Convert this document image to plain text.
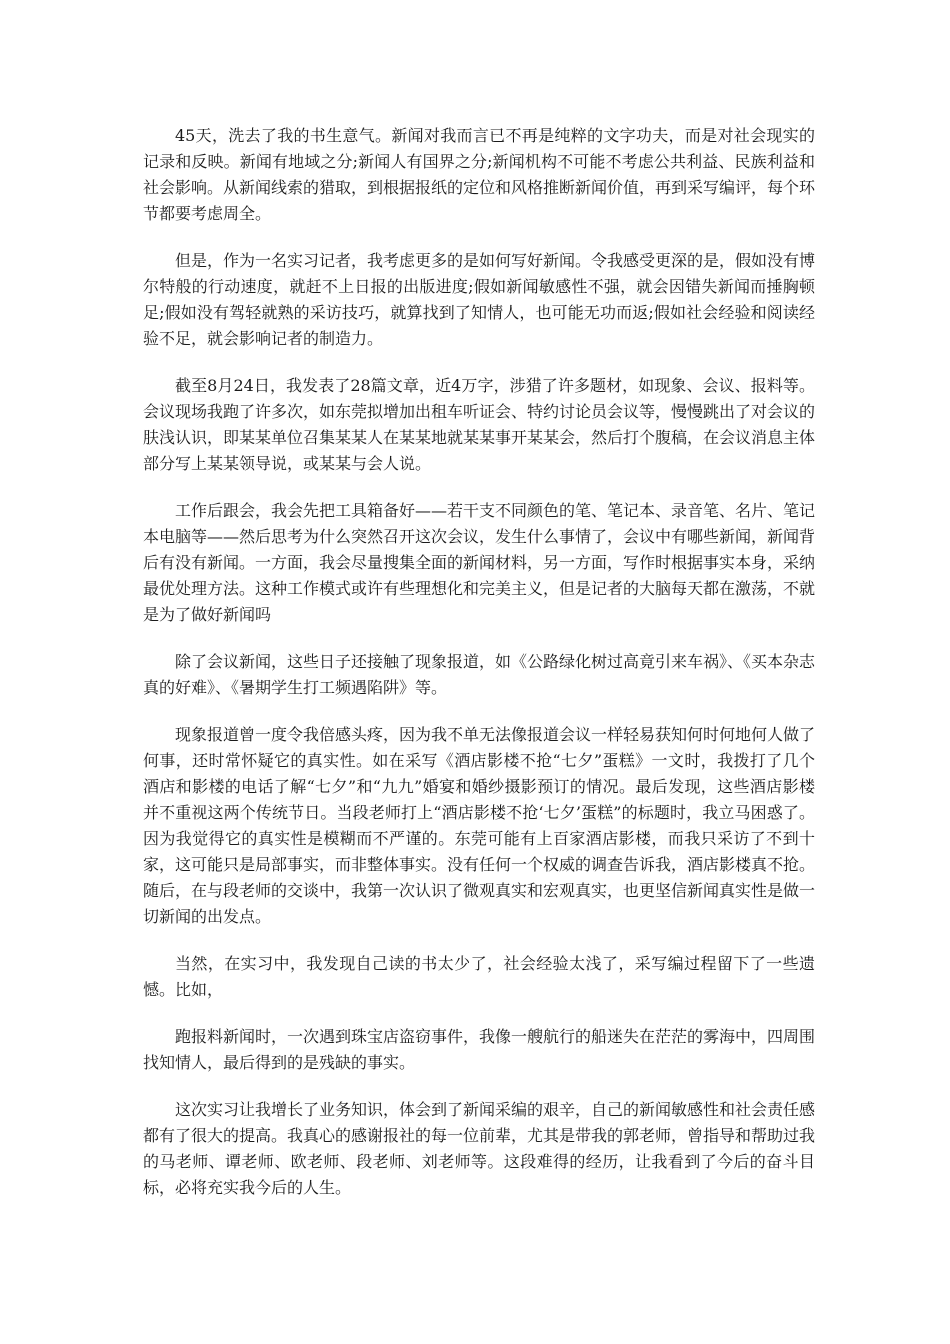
45天，洗去了我的书生意气。新闻对我而言已不再是纯粹的文字功夫，而是对社会现实的记录和反映。新闻有地域之分;新闻人有国界之分;新闻机构不可能不考虑公共利益、民族利益和社会影响。从新闻线索的猎取，到根据报纸的定位和风格推断新闻价值，再到采写编评，每个环节都要考虑周全。

但是，作为一名实习记者，我考虑更多的是如何写好新闻。令我感受更深的是，假如没有博尔特般的行动速度，就赶不上日报的出版进度;假如新闻敏感性不强，就会因错失新闻而捶胸顿足;假如没有驾轻就熟的采访技巧，就算找到了知情人，也可能无功而返;假如社会经验和阅读经验不足，就会影响记者的制造力。

截至8月24日，我发表了28篇文章，近4万字，涉猎了许多题材，如现象、会议、报料等。会议现场我跑了许多次，如东莞拟增加出租车听证会、特约讨论员会议等，慢慢跳出了对会议的肤浅认识，即某某单位召集某某人在某某地就某某事开某某会，然后打个腹稿，在会议消息主体部分写上某某领导说，或某某与会人说。

工作后跟会，我会先把工具箱备好——若干支不同颜色的笔、笔记本、录音笔、名片、笔记本电脑等——然后思考为什么突然召开这次会议，发生什么事情了，会议中有哪些新闻，新闻背后有没有新闻。一方面，我会尽量搜集全面的新闻材料，另一方面，写作时根据事实本身，采纳最优处理方法。这种工作模式或许有些理想化和完美主义，但是记者的大脑每天都在激荡，不就是为了做好新闻吗

除了会议新闻，这些日子还接触了现象报道，如《公路绿化树过高竟引来车祸》、《买本杂志真的好难》、《暑期学生打工频遇陷阱》等。

现象报道曾一度令我倍感头疼，因为我不单无法像报道会议一样轻易获知何时何地何人做了何事，还时常怀疑它的真实性。如在采写《酒店影楼不抢“七夕”蛋糕》一文时，我拨打了几个酒店和影楼的电话了解“七夕”和“九九”婚宴和婚纱摄影预订的情况。最后发现，这些酒店影楼并不重视这两个传统节日。当段老师打上“酒店影楼不抢‘七夕’蛋糕”的标题时，我立马困惑了。因为我觉得它的真实性是模糊而不严谨的。东莞可能有上百家酒店影楼，而我只采访了不到十家，这可能只是局部事实，而非整体事实。没有任何一个权威的调查告诉我，酒店影楼真不抢。随后，在与段老师的交谈中，我第一次认识了微观真实和宏观真实，也更坚信新闻真实性是做一切新闻的出发点。

当然，在实习中，我发现自己读的书太少了，社会经验太浅了，采写编过程留下了一些遗憾。比如，

跑报料新闻时，一次遇到珠宝店盗窃事件，我像一艘航行的船迷失在茫茫的雾海中，四周围找知情人，最后得到的是残缺的事实。

这次实习让我增长了业务知识，体会到了新闻采编的艰辛，自己的新闻敏感性和社会责任感都有了很大的提高。我真心的感谢报社的每一位前辈，尤其是带我的郭老师，曾指导和帮助过我的马老师、谭老师、欧老师、段老师、刘老师等。这段难得的经历，让我看到了今后的奋斗目标，必将充实我今后的人生。
